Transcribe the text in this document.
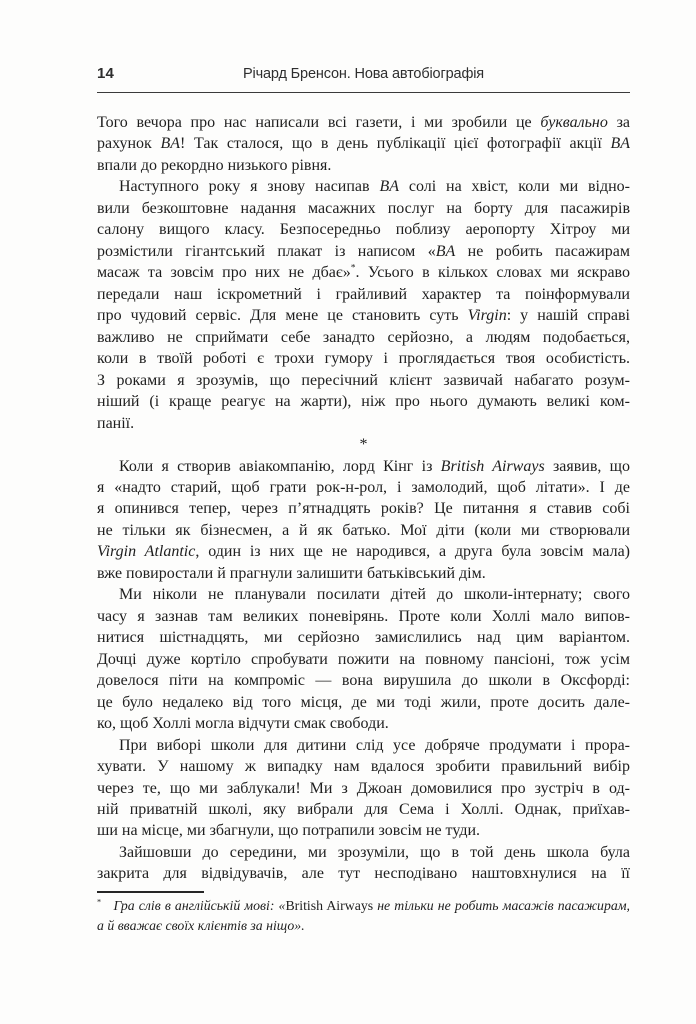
14	Річард Бренсон. Нова автобіографія
Того вечора про нас написали всі газети, і ми зробили це буквально за
рахунок BA! Так сталося, що в день публікації цієї фотографії акції BA
впали до рекордно низького рівня.
Наступного року я знову насипав BA солі на хвіст, коли ми відно-
вили безкоштовне надання масажних послуг на борту для пасажирів
салону вищого класу. Безпосередньо поблизу аеропорту Хітроу ми
розмістили гігантський плакат із написом «BA не робить пасажирам
масаж та зовсім про них не дбає»*. Усього в кількох словах ми яскраво
передали наш іскрометний і грайливий характер та поінформували
про чудовий сервіс. Для мене це становить суть Virgin: у нашій справі
важливо не сприймати себе занадто серйозно, а людям подобається,
коли в твоїй роботі є трохи гумору і проглядається твоя особистість.
З роками я зрозумів, що пересічний клієнт зазвичай набагато розум-
ніший (і краще реагує на жарти), ніж про нього думають великі ком-
панії.
*
Коли я створив авіакомпанію, лорд Кінг із British Airways заявив, що
я «надто старий, щоб грати рок-н-рол, і замолодий, щоб літати». І де
я опинився тепер, через п’ятнадцять років? Це питання я ставив собі
не тільки як бізнесмен, а й як батько. Мої діти (коли ми створювали
Virgin Atlantic, один із них ще не народився, а друга була зовсім мала)
вже повиростали й прагнули залишити батьківський дім.
Ми ніколи не планували посилати дітей до школи-інтернату; свого
часу я зазнав там великих поневірянь. Проте коли Холлі мало випов-
нитися шістнадцять, ми серйозно замислились над цим варіантом.
Дочці дуже кортіло спробувати пожити на повному пансіоні, тож усім
довелося піти на компроміс — вона вирушила до школи в Оксфорді:
це було недалеко від того місця, де ми тоді жили, проте досить дале-
ко, щоб Холлі могла відчути смак свободи.
При виборі школи для дитини слід усе добряче продумати і прора-
хувати. У нашому ж випадку нам вдалося зробити правильний вибір
через те, що ми заблукали! Ми з Джоан домовилися про зустріч в од-
ній приватній школі, яку вибрали для Сема і Холлі. Однак, приїхав-
ши на місце, ми збагнули, що потрапили зовсім не туди.
Зайшовши до середини, ми зрозуміли, що в той день школа була
закрита для відвідувачів, але тут несподівано наштовхнулися на її
* Гра слів в англійській мові: «British Airways не тільки не робить масажів пасажирам,
а й вважає своїх клієнтів за ніщо».
